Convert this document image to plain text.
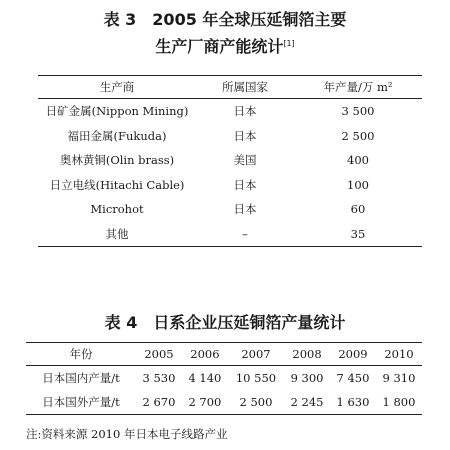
表 3　2005 年全球压延铜箔主要
生产厂商产能统计[1]
生产商	所属国家	年产量/万 m²
日矿金属(Nippon Mining)	日本	3 500
福田金属(Fukuda)	日本	2 500
奥林黄铜(Olin brass)	美国	400
日立电线(Hitachi Cable)	日本	100
Microhot	日本	60
其他	–	35
表 4　日系企业压延铜箔产量统计
年份	2005	2006	2007	2008	2009	2010
日本国内产量/t	3 530	4 140	10 550	9 300	7 450	9 310
日本国外产量/t	2 670	2 700	2 500	2 245	1 630	1 800
注:资料来源 2010 年日本电子线路产业
